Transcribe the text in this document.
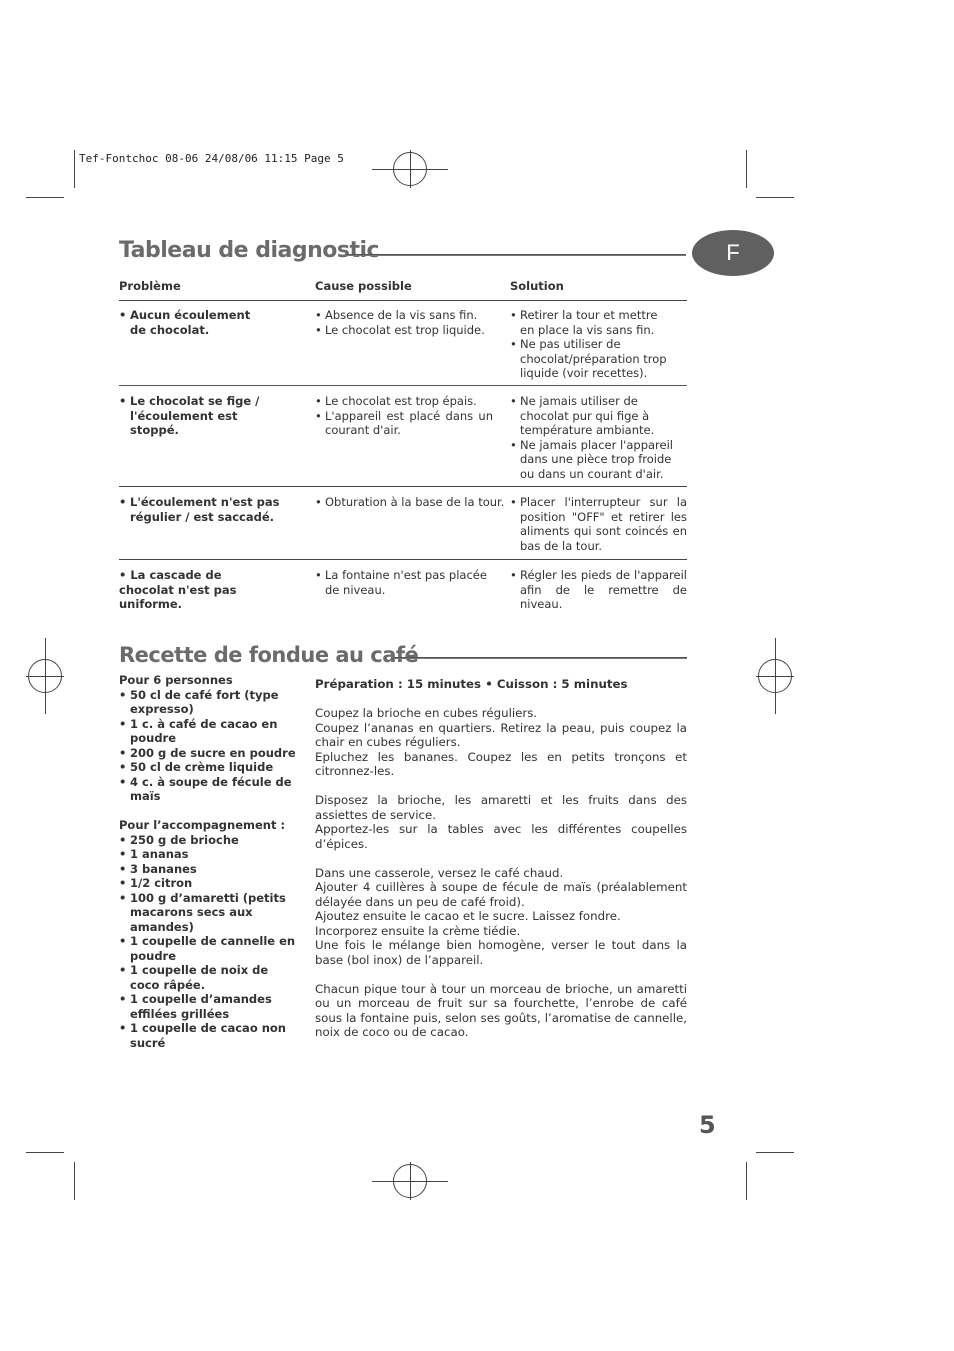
Tef-Fontchoc 08-06 24/08/06 11:15 Page 5
F
Tableau de diagnostic
Problème	Cause possible	Solution
• Aucun écoulement de chocolat.
• Absence de la vis sans fin.
• Le chocolat est trop liquide.
• Retirer la tour et mettre en place la vis sans fin.
• Ne pas utiliser de chocolat/préparation trop liquide (voir recettes).
• Le chocolat se fige / l'écoulement est stoppé.
• Le chocolat est trop épais.
• L'appareil est placé dans un courant d'air.
• Ne jamais utiliser de chocolat pur qui fige à température ambiante.
• Ne jamais placer l'appareil dans une pièce trop froide ou dans un courant d'air.
• L'écoulement n'est pas régulier / est saccadé.
• Obturation à la base de la tour.
•	Placer l'interrupteur sur la position "OFF" et retirer les aliments qui sont coincés en bas de la tour.
• La cascade de chocolat n'est pas uniforme.
• La fontaine n'est pas placée de niveau.
• Régler les pieds de l'appareil afin de le remettre de niveau.
Recette de fondue au café
Pour 6 personnes
• 50 cl de café fort (type expresso)
• 1 c. à café de cacao en poudre
• 200 g de sucre en poudre
• 50 cl de crème liquide
• 4 c. à soupe de fécule de maïs
Pour l’accompagnement :
• 250 g de brioche
• 1 ananas
• 3 bananes
• 1/2 citron
• 100 g d’amaretti (petits macarons secs aux amandes)
• 1 coupelle de cannelle en poudre
• 1 coupelle de noix de coco râpée.
• 1 coupelle d’amandes effilées grillées
• 1 coupelle de cacao non sucré

Préparation : 15 minutes • Cuisson : 5 minutes

Coupez la brioche en cubes réguliers.

Coupez l’ananas en quartiers. Retirez la peau, puis coupez la chair en cubes réguliers.

Epluchez les bananes. Coupez les en petits tronçons et citronnez-les.

Disposez la brioche, les amaretti et les fruits dans des assiettes de service.

Apportez-les sur la tables avec les différentes coupelles d’épices.

Dans une casserole, versez le café chaud.

Ajouter 4 cuillères à soupe de fécule de maïs (préalablement délayée dans un peu de café froid).

Ajoutez ensuite le cacao et le sucre. Laissez fondre.

Incorporez ensuite la crème tiédie.

Une fois le mélange bien homogène, verser le tout dans la base (bol inox) de l’appareil.

Chacun pique tour à tour un morceau de brioche, un amaretti ou un morceau de fruit sur sa fourchette, l’enrobe de café sous la fontaine puis, selon ses goûts, l’aromatise de cannelle, noix de coco ou de cacao.

5
